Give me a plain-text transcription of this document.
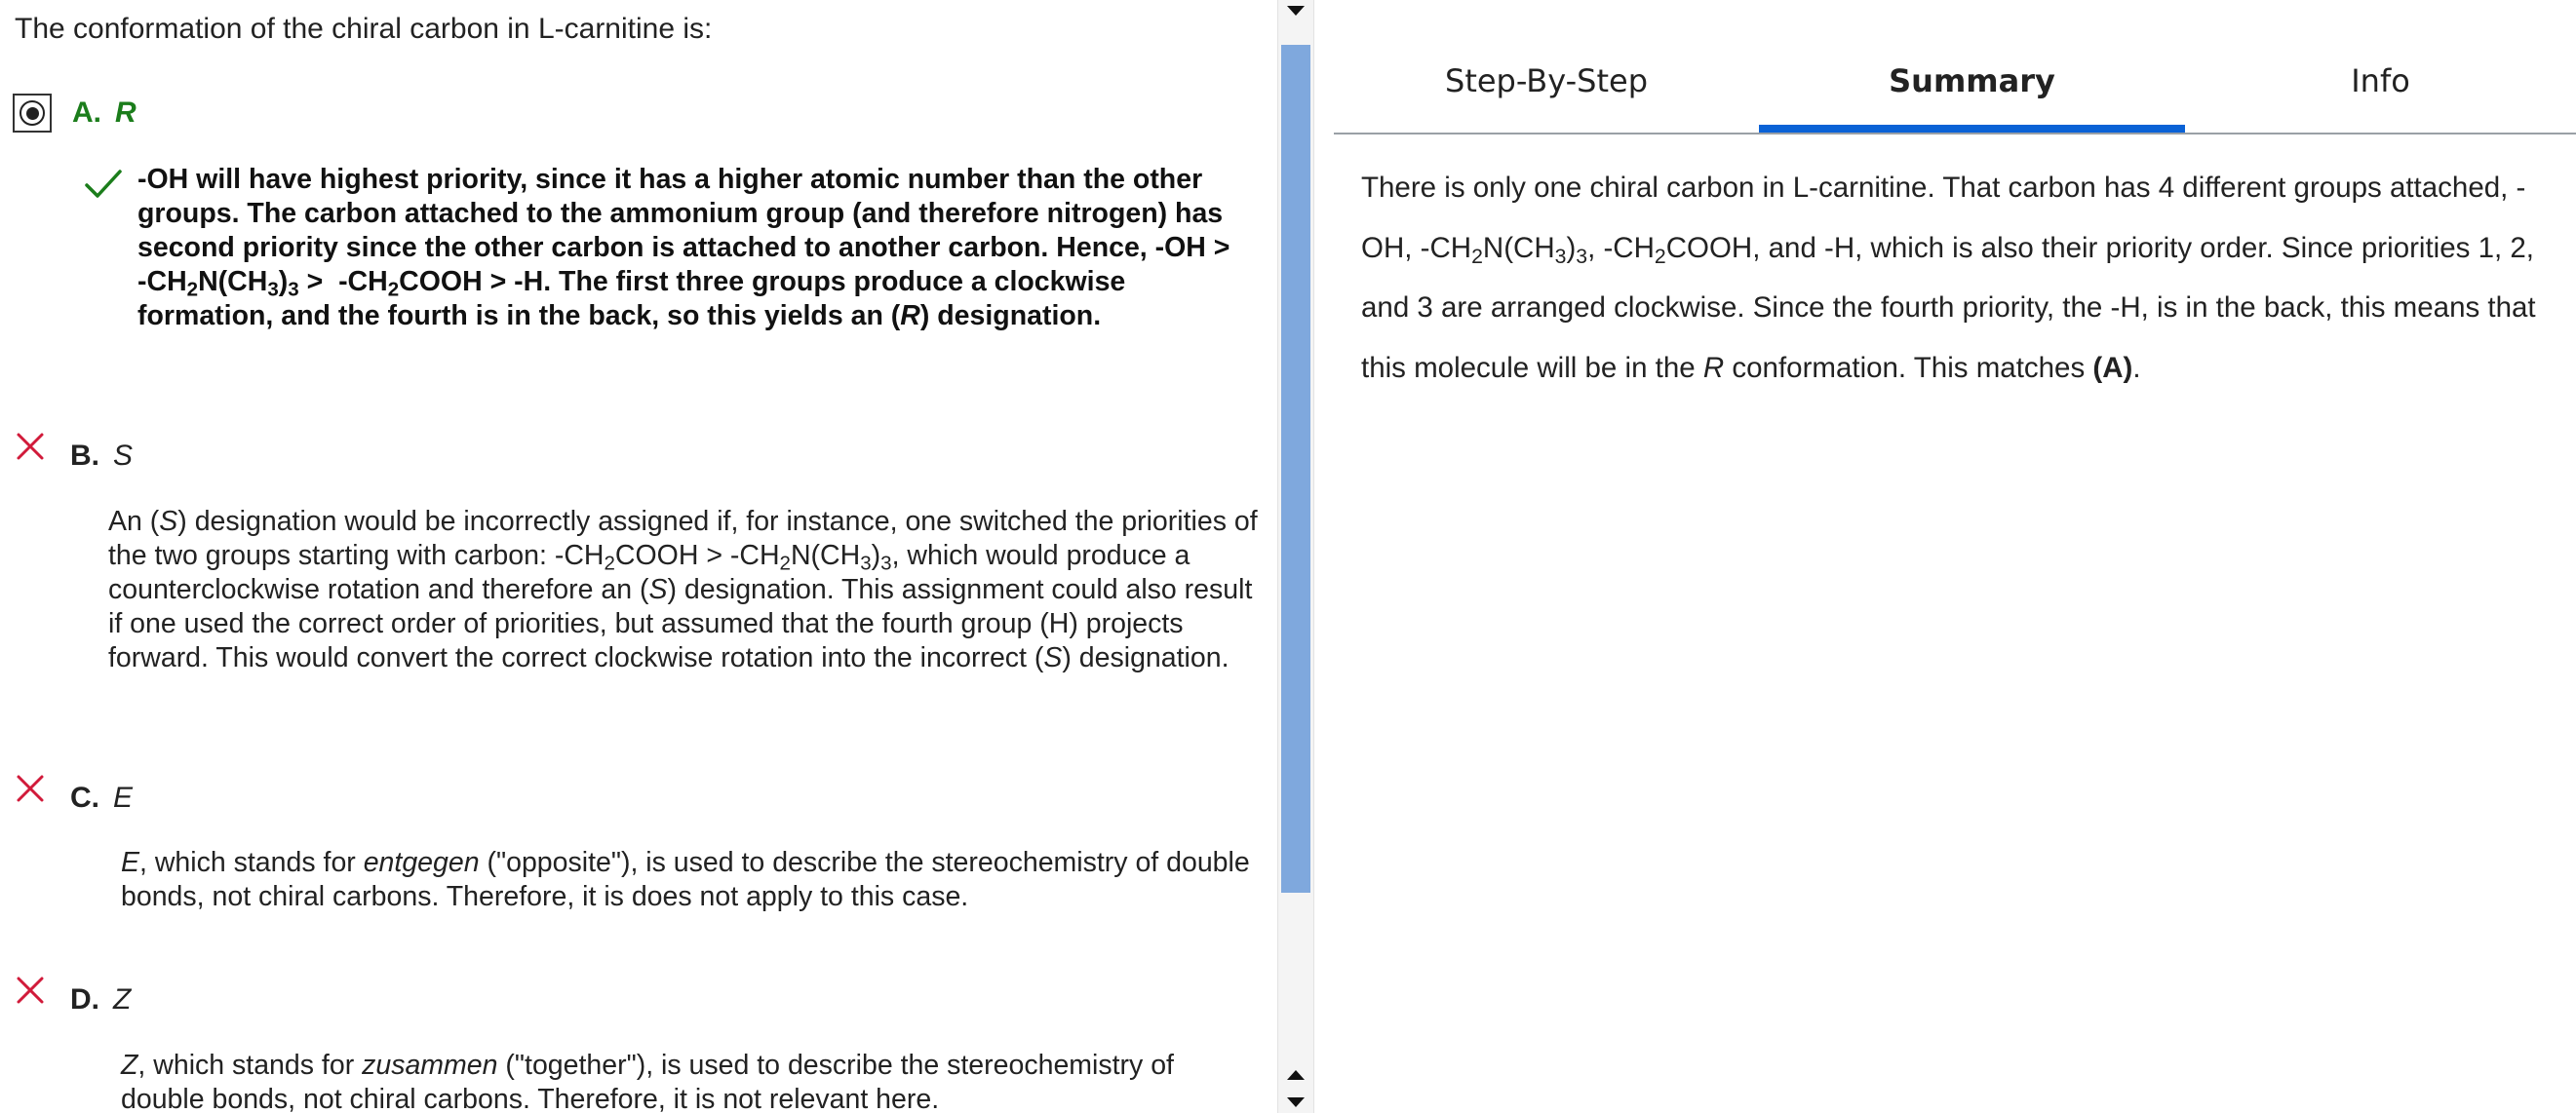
The conformation of the chiral carbon in L-carnitine is:
A. R
-OH will have highest priority, since it has a higher atomic number than the other groups. The carbon attached to the ammonium group (and therefore nitrogen) has second priority since the other carbon is attached to another carbon. Hence, $-OH > -CH_2N(CH_3)_3$ >  $-CH_2COOH > -H$. The first three groups produce a clockwise formation, and the fourth is in the back, so this yields an (R) designation.
B. S
An (S) designation would be incorrectly assigned if, for instance, one switched the priorities of the two groups starting with carbon: $-CH_2COOH > -CH_2N(CH_3)_3$, which would produce a counterclockwise rotation and therefore an (S) designation. This assignment could also result if one used the correct order of priorities, but assumed that the fourth group (H) projects forward. This would convert the correct clockwise rotation into the incorrect (S) designation.
C. E
E, which stands for entgegen ("opposite"), is used to describe the stereochemistry of double bonds, not chiral carbons. Therefore, it is does not apply to this case.
D. Z
Z, which stands for zusammen ("together"), is used to describe the stereochemistry of double bonds, not chiral carbons. Therefore, it is not relevant here.
Step-By-Step	Summary	Info
There is only one chiral carbon in L-carnitine. That carbon has 4 different groups attached, -OH, $-CH_2N(CH_3)_3$, $-CH_2COOH$, and -H, which is also their priority order. Since priorities 1, 2, and 3 are arranged clockwise. Since the fourth priority, the -H, is in the back, this means that this molecule will be in the R conformation. This matches (A).
